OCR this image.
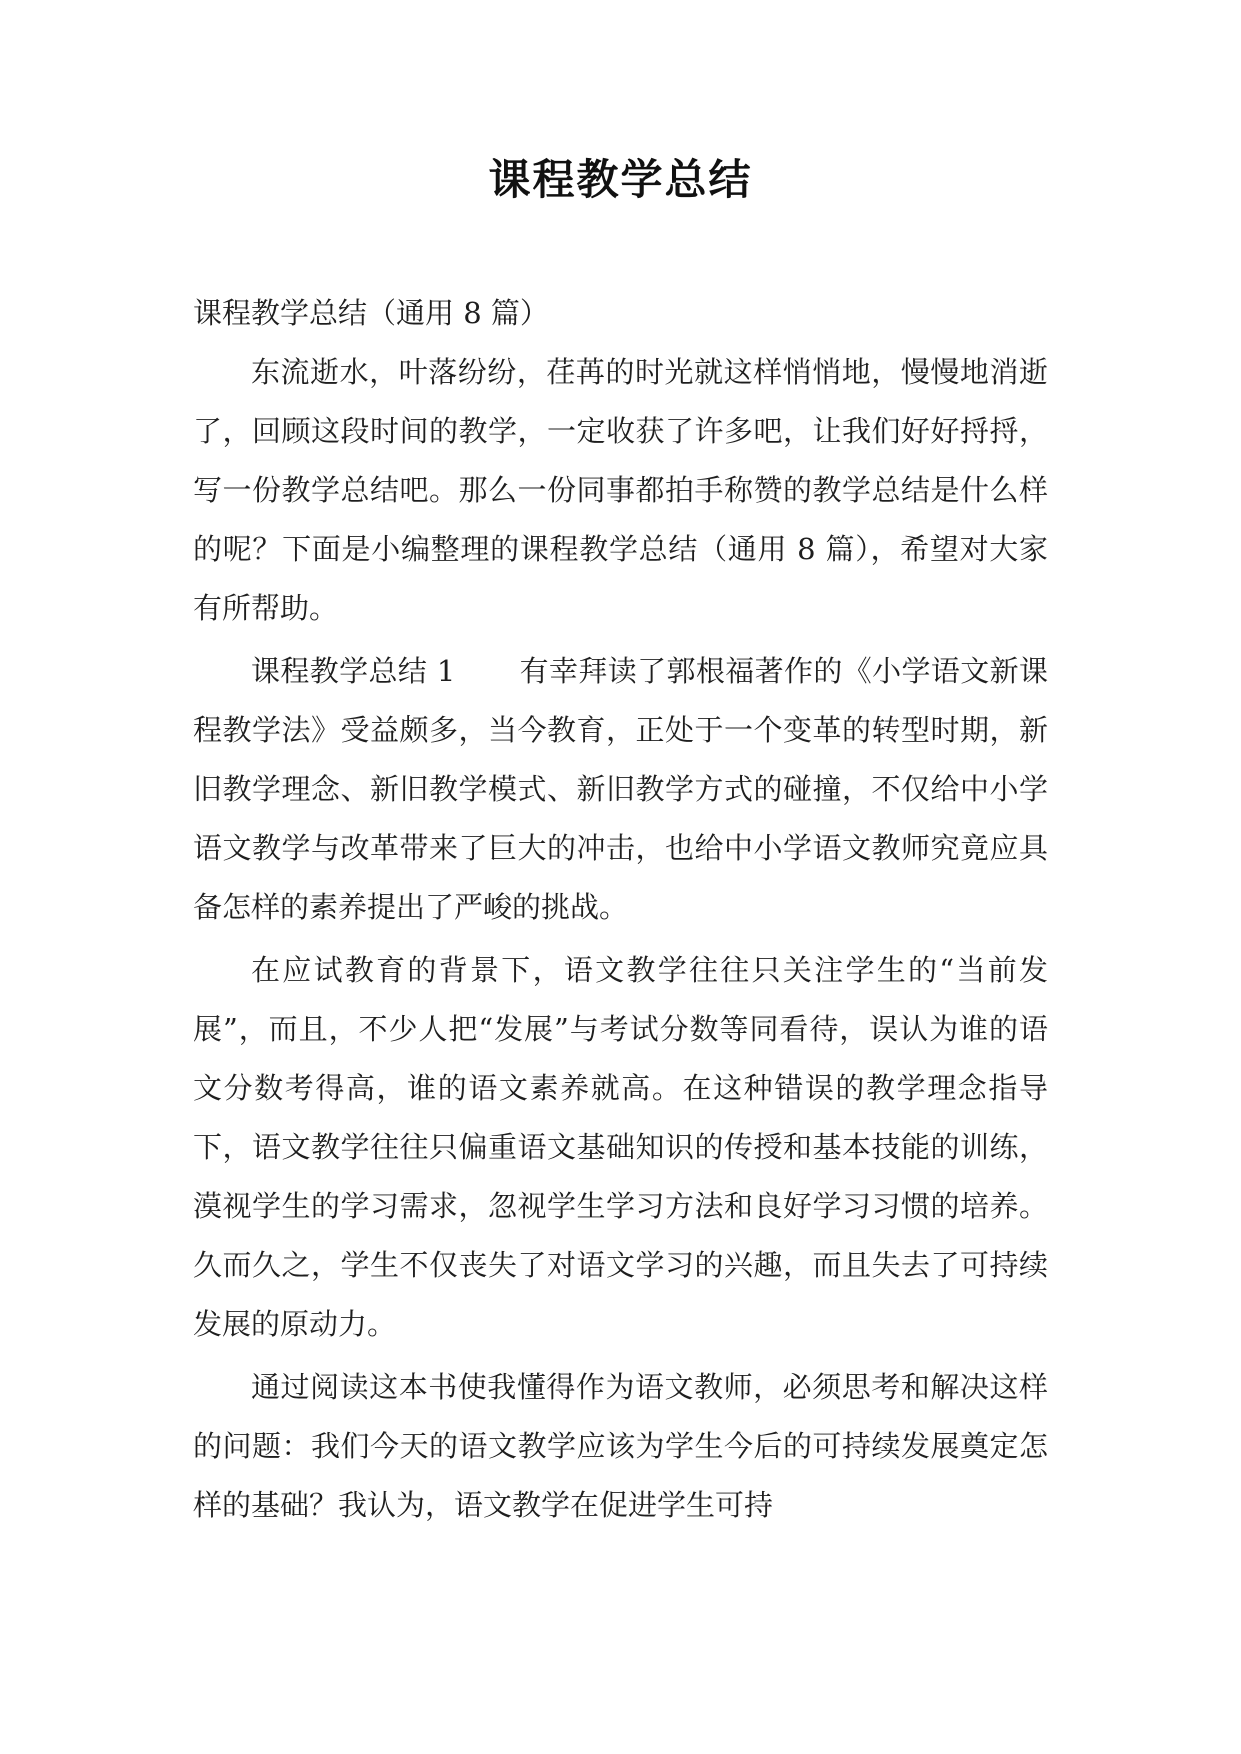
课程教学总结

课程教学总结（通用 8 篇）

东流逝水，叶落纷纷，荏苒的时光就这样悄悄地，慢慢地消逝了，回顾这段时间的教学，一定收获了许多吧，让我们好好捋捋，写一份教学总结吧。那么一份同事都拍手称赞的教学总结是什么样的呢？下面是小编整理的课程教学总结（通用 8 篇），希望对大家有所帮助。

课程教学总结 1 有幸拜读了郭根福著作的《小学语文新课程教学法》受益颇多，当今教育，正处于一个变革的转型时期，新旧教学理念、新旧教学模式、新旧教学方式的碰撞，不仅给中小学语文教学与改革带来了巨大的冲击，也给中小学语文教师究竟应具备怎样的素养提出了严峻的挑战。

在应试教育的背景下，语文教学往往只关注学生的“当前发展”，而且，不少人把“发展”与考试分数等同看待，误认为谁的语文分数考得高，谁的语文素养就高。在这种错误的教学理念指导下，语文教学往往只偏重语文基础知识的传授和基本技能的训练，漠视学生的学习需求，忽视学生学习方法和良好学习习惯的培养。久而久之，学生不仅丧失了对语文学习的兴趣，而且失去了可持续发展的原动力。

通过阅读这本书使我懂得作为语文教师，必须思考和解决这样的问题：我们今天的语文教学应该为学生今后的可持续发展奠定怎样的基础？我认为，语文教学在促进学生可持
